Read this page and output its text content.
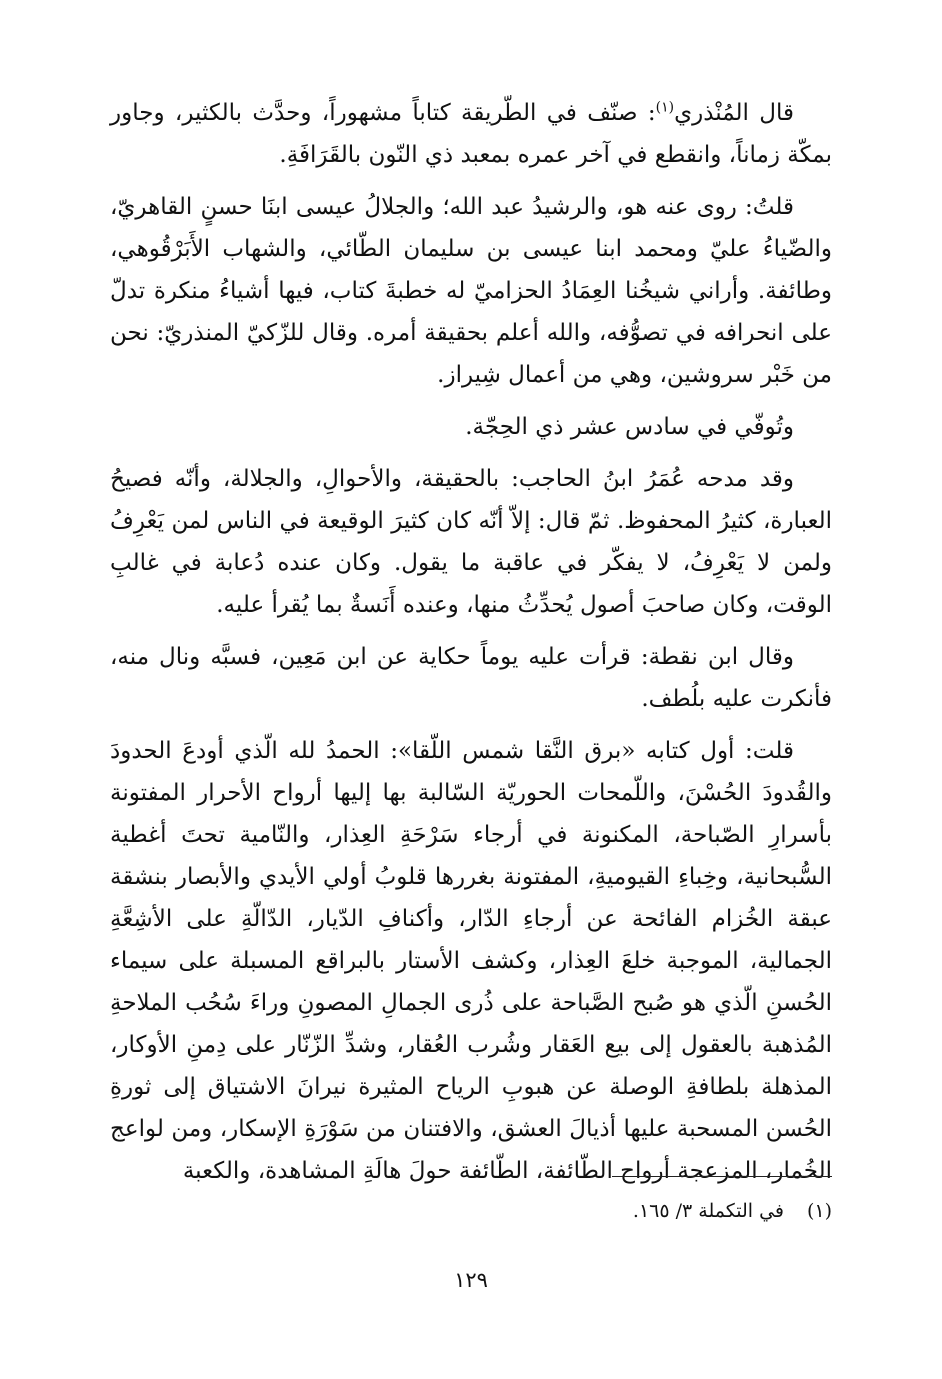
قال المُنْذري$^{(١)}$: صنّف في الطّريقة كتاباً مشهوراً، وحدَّث بالكثير، وجاور بمكّة زماناً، وانقطع في آخر عمره بمعبد ذي النّون بالقَرَافَةِ.

قلتُ: روى عنه هو، والرشيدُ عبد الله؛ والجلالُ عيسى ابنَا حسنٍ القاهريّ، والضّياءُ عليّ ومحمد ابنا عيسى بن سليمان الطّائي، والشهاب الأَبَرْقُوهي، وطائفة. وأراني شيخُنا العِمَادُ الحزاميّ له خطبةَ كتاب، فيها أشياءُ منكرة تدلّ على انحرافه في تصوُّفه، والله أعلم بحقيقة أمره. وقال للزّكيّ المنذريّ: نحن من خَبْر سروشين، وهي من أعمال شِيراز.

وتُوفّي في سادس عشر ذي الحِجّة.

وقد مدحه عُمَرُ ابنُ الحاجب: بالحقيقة، والأحوالِ، والجلالة، وأنّه فصيحُ العبارة، كثيرُ المحفوظ. ثمّ قال: إلاّ أنّه كان كثيرَ الوقيعة في الناس لمن يَعْرِفُ ولمن لا يَعْرِفُ، لا يفكّر في عاقبة ما يقول. وكان عنده دُعابة في غالبِ الوقت، وكان صاحبَ أصول يُحدِّثُ منها، وعنده أَنَسةٌ بما يُقرأ عليه.

وقال ابن نقطة: قرأت عليه يوماً حكاية عن ابن مَعِين، فسبَّه ونال منه، فأنكرت عليه بلُطف.

قلت: أول كتابه «برق النَّقا شمس اللّقا»: الحمدُ لله الّذي أودعَ الحدودَ والقُدودَ الحُسْنَ، واللّمحات الحوريّة السّالبة بها إليها أرواح الأحرار المفتونة بأسرارِ الصّباحة، المكنونة في أرجاء سَرْحَةِ العِذار، والنّامية تحتَ أغطية السُّبحانية، وخِباءِ القيوميةِ، المفتونة بغررها قلوبُ أولي الأيدي والأبصار بنشقة عبقة الخُزام الفائحة عن أرجاءِ الدّار، وأكنافِ الدّيار، الدّالّةِ على الأشِعَّةِ الجمالية، الموجبة خلعَ العِذار، وكشف الأستار بالبراقع المسبلة على سيماء الحُسنِ الّذي هو صُبح الصَّباحة على ذُرى الجمالِ المصونِ وراءَ سُحُب الملاحةِ المُذهبة بالعقول إلى بيع العَقار وشُرب العُقار، وشدِّ الزّنّار على دِمنِ الأوكار، المذهلة بلطافةِ الوصلة عن هبوبِ الرياح المثيرة نيرانَ الاشتياق إلى ثورةِ الحُسن المسحبة عليها أذيالَ العشق، والافتنان من سَوْرَةِ الإسكار، ومن لواعج الخُمار، المزعجة أرواح الطّائفة، الطّائفة حولَ هالَةِ المشاهدة، والكعبة

(١)في التكملة ٣/ ١٦٥.
١٢٩
